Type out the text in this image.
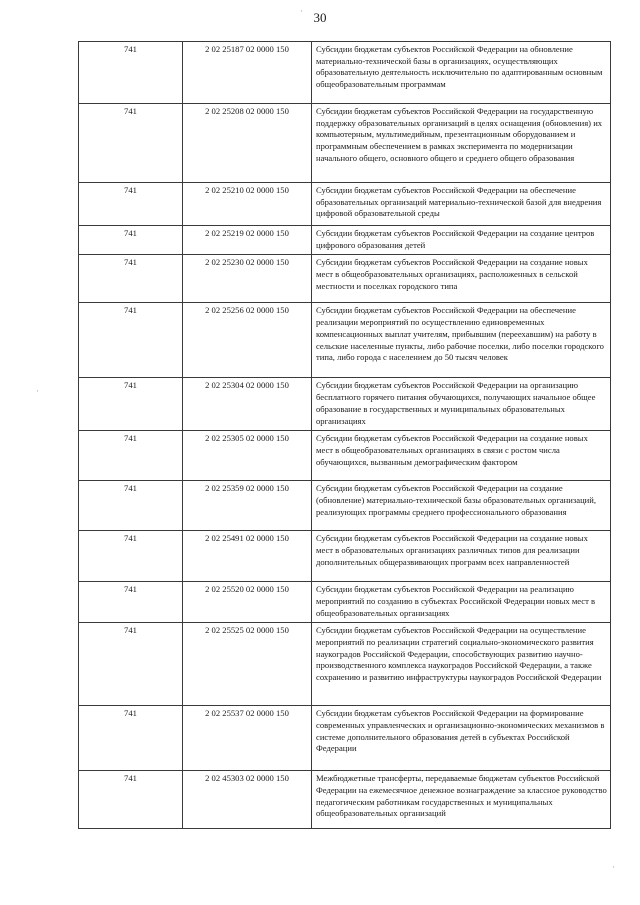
30
·
·
·
741	2 02 25187 02 0000 150	Субсидии бюджетам субъектов Российской Федерации на обновление материально-технической базы в организациях, осуществляющих образовательную деятельность исключительно по адаптированным основным общеобразовательным программам
741	2 02 25208 02 0000 150	Субсидии бюджетам субъектов Российской Федерации на государственную поддержку образовательных организаций в целях оснащения (обновления) их компьютерным, мультимедийным, презентационным оборудованием и программным обеспечением в рамках эксперимента по модернизации начального общего, основного общего и среднего общего образования
741	2 02 25210 02 0000 150	Субсидии бюджетам субъектов Российской Федерации на обеспечение образовательных организаций материально-технической базой для внедрения цифровой образовательной среды
741	2 02 25219 02 0000 150	Субсидии бюджетам субъектов Российской Федерации на создание центров цифрового образования детей
741	2 02 25230 02 0000 150	Субсидии бюджетам субъектов Российской Федерации на создание новых мест в общеобразовательных организациях, расположенных в сельской местности и поселках городского типа
741	2 02 25256 02 0000 150	Субсидии бюджетам субъектов Российской Федерации на обеспечение реализации мероприятий по осуществлению единовременных компенсационных выплат учителям, прибывшим (переехавшим) на работу в сельские населенные пункты, либо рабочие поселки, либо поселки городского типа, либо города с населением до 50 тысяч человек
741	2 02 25304 02 0000 150	Субсидии бюджетам субъектов Российской Федерации на организацию бесплатного горячего питания обучающихся, получающих начальное общее образование в государственных и муниципальных образовательных организациях
741	2 02 25305 02 0000 150	Субсидии бюджетам субъектов Российской Федерации на создание новых мест в общеобразовательных организациях в связи с ростом числа обучающихся, вызванным демографическим фактором
741	2 02 25359 02 0000 150	Субсидии бюджетам субъектов Российской Федерации на создание (обновление) материально-технической базы образовательных организаций, реализующих программы среднего профессионального образования
741	2 02 25491 02 0000 150	Субсидии бюджетам субъектов Российской Федерации на создание новых мест в образовательных организациях различных типов для реализации дополнительных общеразвивающих программ всех направленностей
741	2 02 25520 02 0000 150	Субсидии бюджетам субъектов Российской Федерации на реализацию мероприятий по созданию в субъектах Российской Федерации новых мест в общеобразовательных организациях
741	2 02 25525 02 0000 150	Субсидии бюджетам субъектов Российской Федерации на осуществление мероприятий по реализации стратегий социально-экономического развития наукоградов Российской Федерации, способствующих развитию научно-производственного комплекса наукоградов Российской Федерации, а также сохранению и развитию инфраструктуры наукоградов Российской Федерации
741	2 02 25537 02 0000 150	Субсидии бюджетам субъектов Российской Федерации на формирование современных управленческих и организационно-экономических механизмов в системе дополнительного образования детей в субъектах Российской Федерации
741	2 02 45303 02 0000 150	Межбюджетные трансферты, передаваемые бюджетам субъектов Российской Федерации на ежемесячное денежное вознаграждение за классное руководство педагогическим работникам государственных и муниципальных общеобразовательных организаций
